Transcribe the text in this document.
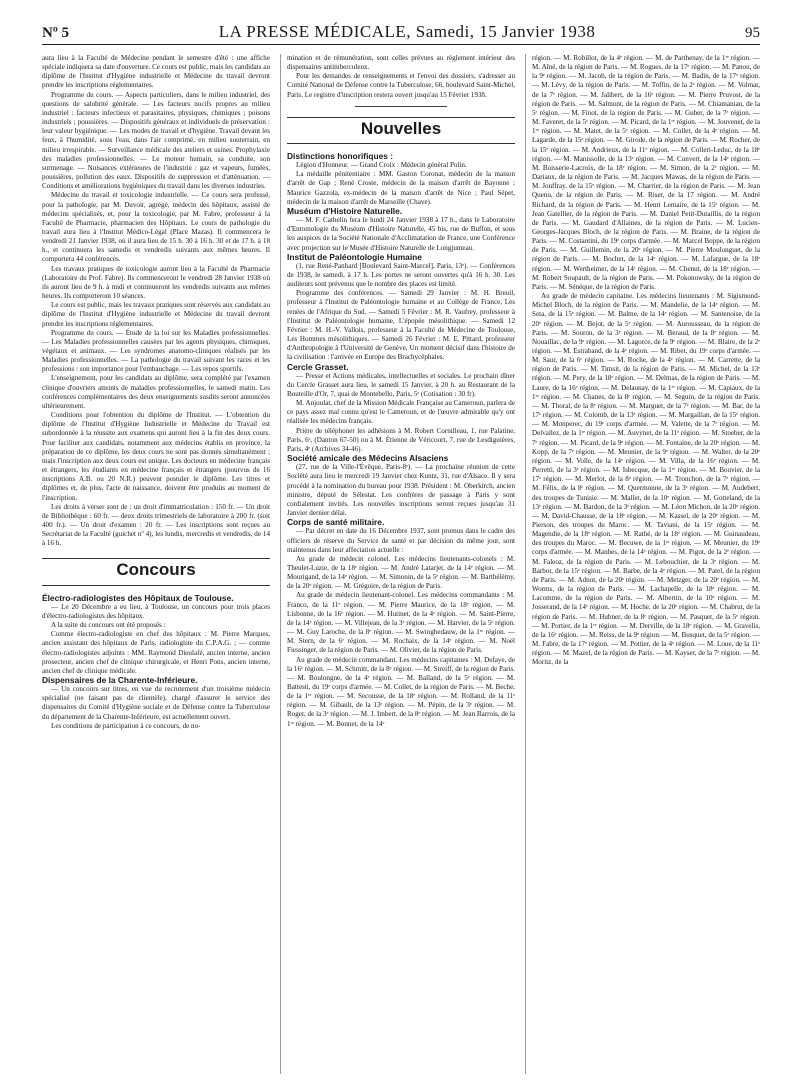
Nº 5	LA PRESSE MÉDICALE, Samedi, 15 Janvier 1938	95

aura lieu à la Faculté de Médecine pendant le semestre d'été : une affiche spéciale indiquera sa date d'ouverture. Ce cours est public, mais les candidats au diplôme de l'Institut d'Hygiène industrielle et Médecine du travail devront prendre les inscriptions réglementaires.

Programme du cours. — Aspects particuliers, dans le milieu industriel, des questions de salubrité générale. — Les facteurs nocifs propres au milieu industriel : facteurs infectieux et parasitaires, physiques, chimiques ; poisons industriels ; poussières. — Dispositifs généraux et individuels de préservation : leur valeur hygiénique. — Les modes de travail et d'hygiène. Travail devant les feux, à l'humidité, sous l'eau, dans l'air comprimé, en milieu souterrain, en milieu irrespirable. — Surveillance médicale des ateliers et usines. Prophylaxie des maladies professionnelles. — Le moteur humain, sa conduite, son surmenage. — Nuisances extérieures de l'industrie : gaz et vapeurs, fumées, poussières, pollution des eaux. Dispositifs de suppression et d'atténuation. — Conditions et améliorations hygiéniques du travail dans les diverses industries.

Médecine du travail et toxicologie industrielle. — Ce cours sera professé, pour la pathologie, par M. Duvoir, agrégé, médecin des hôpitaux, assisté de médecins spécialisés, et, pour la toxicologie, par M. Fabre, professeur à la Faculté de Pharmacie, pharmacien des Hôpitaux. Le cours de pathologie du travail aura lieu à l'Institut Médico-Légal (Place Mazas). Il commencera le vendredi 21 Janvier 1938, où il aura lieu de 15 h. 30 à 16 h. 30 et de 17 h. à 18 h., et continuera les samedis et vendredis suivants aux mêmes heures. Il comportera 44 conférences.

Les travaux pratiques de toxicologie auront lieu à la Faculté de Pharmacie (Laboratoire du Prof. Fabre). Ils commenceront le vendredi 28 Janvier 1938 où ils auront lieu de 9 h. à midi et continueront les vendredis suivants aux mêmes heures. Ils comporteront 10 séances.

Le cours est public, mais les travaux pratiques sont réservés aux candidats au diplôme de l'Institut d'Hygiène industrielle et Médecine du travail devront prendre les inscriptions réglementaires.

Programme du cours. — Étude de la loi sur les Maladies professionnelles. — Les Maladies professionnelles causées par les agents physiques, chimiques, végétaux et animaux. — Les syndromes anatomo-cliniques réalisés par les Maladies professionnelles. — La pathologie du travail suivant les races et les professions : son importance pour l'embauchage. — Les repos sportifs.

L'enseignement, pour les candidats au diplôme, sera complété par l'examen clinique d'ouvriers atteints de maladies professionnelles, le samedi matin. Les conférences complémentaires des deux enseignements susdits seront annoncées ultérieurement.

Conditions pour l'obtention du diplôme de l'Institut. — L'obtention du diplôme de l'Institut d'Hygiène Industrielle et Médecine du Travail est subordonnée à la réussite aux examens qui auront lieu à la fin des deux cours. Pour faciliter aux candidats, notamment aux médecins établis en province, la préparation de ce diplôme, les deux cours ne sont pas donnés simultanément ; mais l'inscription aux deux cours est unique. Les docteurs en médecine français et étrangers, les étudiants en médecine français et étrangers (pourvus de 16 inscriptions A.B. ou 20 N.R.) peuvent postuler le diplôme. Les titres et diplômes et, de plus, l'acte de naissance, doivent être produits au moment de l'inscription.

Les droits à verser sont de : un droit d'immatriculation : 150 fr. — Un droit de Bibliothèque : 60 fr. — deux droits trimestriels de laboratoire à 200 fr. (soit 400 fr.). — Un droit d'examen : 20 fr. — Les inscriptions sont reçues au Secrétariat de la Faculté (guichet nº 4), les lundis, mercredis et vendredis, de 14 à 16 h.

Concours

Électro-radiologistes des Hôpitaux de Toulouse.

— Le 20 Décembre a eu lieu, à Toulouse, un concours pour trois places d'électro-radiologistes des hôpitaux.

A la suite du concours ont été proposés :

Comme électro-radiologiste en chef des hôpitaux : M. Pierre Marques, ancien assistant des hôpitaux de Paris, radiologiste du C.P.A.G. ; — comme électro-radiologistes adjoints : MM. Raymond Dieulafé, ancien interne, ancien prosecteur, ancien chef de clinique chirurgicale, et Henri Pons, ancien interne, ancien chef de clinique médicale.

Dispensaires de la Charente-Inférieure.

— Un concours sur titres, en vue du recrutement d'un troisième médecin spécialisé (ne faisant pas de clientèle), chargé d'assurer le service des dispensaires du Comité d'Hygiène sociale et de Défense contre la Tuberculose du département de la Charente-Inférieure, est actuellement ouvert.

Les conditions de participation à ce concours, de no-

mination et de rémunération, sont celles prévues au règlement intérieur des dispensaires antituberculeux.

Pour les demandes de renseignements et l'envoi des dossiers, s'adresser au Comité National de Défense contre la Tuberculose, 66, boulevard Saint-Michel, Paris. Le registre d'inscription restera ouvert jusqu'au 15 Février 1938.

Nouvelles

Distinctions honorifiques :

Légion d'Honneur. — Grand Croix : Médecin général Polin.

La médaille pénitentiaire : MM. Gaston Coronat, médecin de la maison d'arrêt de Gap ; René Croste, médecin de la maison d'arrêt de Bayonne ; Maurice Gazzola, ex-médecin de la maison d'arrêt de Nice ; Paul Sépet, médecin de la maison d'arrêt de Marseille (Chave).

Muséum d'Histoire Naturelle.

— M. F. Cathelin fera le lundi 24 Janvier 1938 à 17 h., dans le Laboratoire d'Entomologie du Muséum d'Histoire Naturelle, 45 bis, rue de Buffon, et sous les auspices de la Société Nationale d'Acclimatation de France, une Conférence avec projection sur le Musée d'Histoire Naturelle de Longjumeau.

Institut de Paléontologie Humaine

(1, rue René-Panhard [Boulevard Saint-Marcel], Paris, 13ᵉ). — Conférences de 1938, le samedi, à 17 h. Les portes ne seront ouvertes qu'à 16 h. 30. Les auditeurs sont prévenus que le nombre des places est limité.

Programme des conférences. — Samedi 29 Janvier : M. H. Breuil, professeur à l'Institut de Paléontologie humaine et au Collège de France, Les renées de l'Afrique du Sud. — Samedi 5 Février : M. R. Vaufrey, professeur à l'Institut de Paléontologie humaine, L'épopée mésolithique. — Samedi 12 Février : M. H.-V. Vallois, professeur à la Faculté de Médecine de Toulouse, Les Hommes mésolithiques. — Samedi 26 Février : M. E. Pittard, professeur d'Anthropologie à l'Université de Genève, Un moment décisif dans l'histoire de la civilisation : l'arrivée en Europe des Brachycéphales.

Cercle Grasset.

— Presse et Actions médicales, intellectuelles et sociales. Le prochain dîner du Cercle Grasset aura lieu, le samedi 15 Janvier, à 20 h. au Restaurant de la Bouteille d'Or, 7, quai de Montebello, Paris, 5ᵉ (Cotisation : 30 fr).

M. Anjoulat, chef de la Mission Médicale Française au Cameroun, parlera de ce pays assez mal connu qu'est le Cameroun, et de l'œuvre admirable qu'y ont réalisée les médecins français.

Prière de téléphoner les adhésions à M. Robert Cornilleau, 1, rue Palatine, Paris, 6ᵉ, (Danton 67-50) ou à M. Étienne de Véricourt, 7, rue de Lesdiguières, Paris, 4ᵉ (Archives 34-46).

Société amicale des Médecins Alsaciens

(27, rue de la Ville-l'Évêque, Paris-8ᵉ). — La prochaine réunion de cette Société aura lieu le mercredi 19 Janvier chez Kuntz, 31, rue d'Alsace. Il y sera procédé à la nomination du bureau pour 1938. Président : M. Oberkirch, ancien ministre, député de Sélestat. Les confrères de passage à Paris y sont cordialement invités. Les nouvelles inscriptions seront reçues jusqu'au 31 Janvier dernier délai.

Corps de santé militaire.

— Par décret en date du 16 Décembre 1937, sont promus dans le cadre des officiers de réserve du Service de santé et par décision du même jour, sont maintenus dans leur affectation actuelle :

Au grade de médecin colonel. Les médecins lieutenants-colonels : M. Theulet-Luzie, de la 18ᵉ région. — M. André Latarjet, de la 14ᵉ région. — M. Mourigand, de la 14ᵉ région. — M. Simonin, de la 5ᵉ région. — M. Barthélémy, de la 20ᵉ région. — M. Grégoire, de la région de Paris.

Au grade de médecin lieutenant-colonel. Les médecins commandants : M. Franco, de la 11ᵉ région. — M. Pierre Maurice, de la 18ᵉ région. — M. Lisbonne, de la 16ᵉ région. — M. Hutinet, de la 4ᵉ région. — M. Saint-Pierre, de la 14ᵉ région. — M. Villejean, de la 3ᵉ région. — M. Harvier, de la 5ᵉ région. — M. Guy Laroche, de la 8ᵉ région. — M. Swinghedauw, de la 1ʳᵉ région. — M. Stern, de la 6ᵉ région. — M. Rochaix, de la 14ᵉ région. — M. Noël Fiessinger, de la région de Paris. — M. Olivier, de la région de Paris.

Au grade de médecin commandant. Les médecins capitaines : M. Defaye, de la 16ᵉ région. — M. Schmitt, de la 8ᵉ région. — M. Streiff, de la région de Paris. — M. Boulongne, de la 4ᵉ région. — M. Balland, de la 5ᵉ région. — M. Battesti, du 19ᵉ corps d'armée. — M. Collet, de la région de Paris. — M. Beche, de la 1ʳᵉ région. — M. Secousse, de la 18ᵉ région. — M. Rolland, de la 11ᵉ région. — M. Gibault, de la 13ᵉ région. — M. Pépin, de la 3ᵉ région. — M. Roger, de la 3ᵉ région. — M. J. Imbert, de la 8ᵉ région. — M. Jean Barrois, de la 1ʳᵉ région. — M. Bonnet, de la 14ᵉ

région. — M. Robillot, de la 4ᵉ région. — M. de Parthenay, de la 1ʳᵉ région. — M. Aîné, de la région de Paris. — M. Rogues, de la 17ᵉ région. — M. Panou, de la 9ᵉ région. — M. Jacob, de la région de Paris. — M. Badin, de la 17ᵉ région. — M. Lévy, de la région de Paris. — M. Toffin, de la 2ᵉ région. — M. Volmat, de la 7ᵉ région. — M. Jalibert, de la 16ᵉ région. — M. Pierre Pruvost, de la région de Paris. — M. Salmont, de la région de Paris. — M. Chiamanian, de la 5ᵉ région. — M. Finot, de la région de Paris. — M. Guber, de la 7ᵉ région. — M. Faveret, de la 5ᵉ région. — M. Picard, de la 1ʳᵉ région. — M. Jouvenet, de la 1ʳᵉ région. — M. Matet, de la 5ᵉ région. — M. Collet, de la 4ᵉ région. — M. Lagarde, de la 15ᵉ région. — M. Girode, de la région de Paris. — M. Rocher, de la 15ᵉ région. — M. Andrieux, de la 11ᵉ région. — M. Colleri-Leduc, de la 18ᵉ région. — M. Manissolle, de la 13ᵉ région. — M. Convert, de la 14ᵉ région. — M. Boisserie-Lacroix, de la 18ᵉ région. — M. Simon, de la 2ᵉ région. — M. Dariaux, de la région de Paris. — M. Jacques Mawas, de la région de Paris. — M. Jouffray, de la 15ᵉ région. — M. Charrier, de la région de Paris. — M. Jean Quenu, de la région de Paris. — M. Riser, de la 17 région. — M. André Richard, de la région de Paris. — M. Henri Lemaire, de la 15ᵉ région. — M. Jean Gatellier, de la région de Paris. — M. Daniel Petit-Dutaillis, de la région de Paris. — M. Gaudard d'Allaines, de la région de Paris. — M. Lucien-Georges-Jacques Bloch, de la région de Paris. — M. Braine, de la région de Paris. — M. Costantini, du 19ᵉ corps d'armée. — M. Marcel Boppe, de la région de Paris. — M. Guillemin, de la 20ᵉ région. — M. Pierre Moulonguet, de la région de Paris. — M. Bochet, de la 14ᵉ région. — M. Lafargue, de la 18ᵉ région. — M. Wertheimer, de la 14ᵉ région. — M. Chenut, de la 18ᵉ région. — M. Robert Soupault, de la région de Paris. — M. Pokonowsky, de la région de Paris. — M. Sénèque, de la région de Paris.

Au grade de médecin capitaine. Les médecins lieutenants : M. Sigismond-Michel Bloch, de la région de Paris. — M. Mandelie, de la 14ᵉ région. — M. Seta, de la 15ᵉ région. — M. Balme, de la 14ᵉ région. — M. Santenoise, de la 20ᵉ région. — M. Bejot, de la 5ᵉ région. — M. Aurousseau, de la région de Paris. — M. Souron, de la 3ᵉ région. — M. Beraud, de la 8ᵉ région. — M. Nouaillac, de la 9ᵉ région. — M. Lagorce, de la 9ᵉ région. — M. Blaire, de la 2ᵉ région. — M. Estraband, de la 4ᵉ région. — M. Ribet, du 19ᵉ corps d'armée. — M. Saur, de la 6ᵉ région. — M. Roche, de la 4ᵉ région. — M. Carrette, de la région de Paris. — M. Timsit, de la région de Paris. — M. Michel, de la 13ᵉ région. — M. Pery, de la 18ᵉ région. — M. Delmas, de la région de Paris. — M. Laure, de la 16ᵉ région. — M. Delaunay, de la 1ʳᵉ région. — M. Capiaux, de la 1ʳᵉ région. — M. Chanes, de la 8ᵉ région. — M. Seguin, de la région de Paris. — M. Thoral, de la 8ᵉ région. — M. Marguet, de la 7ᵉ région. — M. Bar, de la 17ᵉ région. — M. Colomb, de la 13ᵉ région. — M. Margailian, de la 15ᵉ région. — M. Monperec, du 19ᵉ corps d'armée. — M. Valette, de la 7ᵉ région. — M. Delvallez, de la 1ʳᵉ région. — M. Auvynet, de la 11ᵉ région. — M. Stoeber, de la 7ᵉ région. — M. Picard, de la 9ᵉ région. — M. Fontaine, de la 20ᵉ région. — M. Kopp, de la 7ᵉ région. — M. Meunier, de la 9ᵉ région. — M. Walter, de la 20ᵉ région. — M. Volle, de la 14ᵉ région. — M. Villa, de la 16ᵉ région. — M. Perretti, de la 3ᵉ région. — M. Isbecque, de la 1ʳᵉ région. — M. Bouvier, de la 17ᵉ région. — M. Merlot, de la 8ᵉ région. — M. Tronchon, de la 7ᵉ région. — M. Félix, de la 8ᵉ région. — M. Quermonne, de la 3ᵉ région. — M. Audebert, des troupes de Tunisie. — M. Mallet, de la 10ᵉ région. — M. Gotteland, de la 13ᵉ région. — M. Bardon, de la 3ᵉ région. — M. Léon Michon, de la 20ᵉ région. — M. David-Chausse, de la 18ᵉ région. — M. Kassel, de la 20ᵉ région. — M. Pierson, des troupes du Maroc. — M. Taviani, de la 15ᵉ région. — M. Magendie, de la 18ᵉ région. — M. Rathé, de la 18ᵉ région. — M. Guinaudeau, des troupes du Maroc. — M. Becuwe, de la 1ʳᵉ région. — M. Meunier, du 19ᵉ corps d'armée. — M. Manhes, de la 14ᵉ région. — M. Pigot, de la 2ᵉ région. — M. Faleoz, de la région de Paris. — M. Lebouchier, de la 3ᵉ région. — M. Barbot, de la 15ᵉ région. — M. Barbe, de la 4ᵉ région. — M. Patel, de la région de Paris. — M. Adnot, de la 20ᵉ région. — M. Metzger, de la 20ᵉ région. — M. Worms, de la région de Paris. — M. Lachapelle, de la 18ᵉ région. — M. Lacomme, de la région de Paris. — M. Albertin, de la 10ᵉ région. — M. Josserand, de la 14ᵉ région. — M. Hoche, de la 20ᵉ région. — M. Chabrut, de la région de Paris. — M. Hubner, de la 8ᵉ région. — M. Pasquet, de la 5ᵉ région. — M. Portier, de la 1ʳᵉ région. — M. Derville, de la 18ᵉ région. — M. Gravelis, de la 16ᵉ région. — M. Reiss, de la 9ᵉ région. — M. Busquet, de la 5ᵉ région. — M. Fabre, de la 17ᵉ région. — M. Pottier, de la 4ᵉ région. — M. Loue, de la 11ᵉ région. — M. Mazel, de la région de Paris. — M. Kayser, de la 7ᵉ région. — M. Moritz, de la
